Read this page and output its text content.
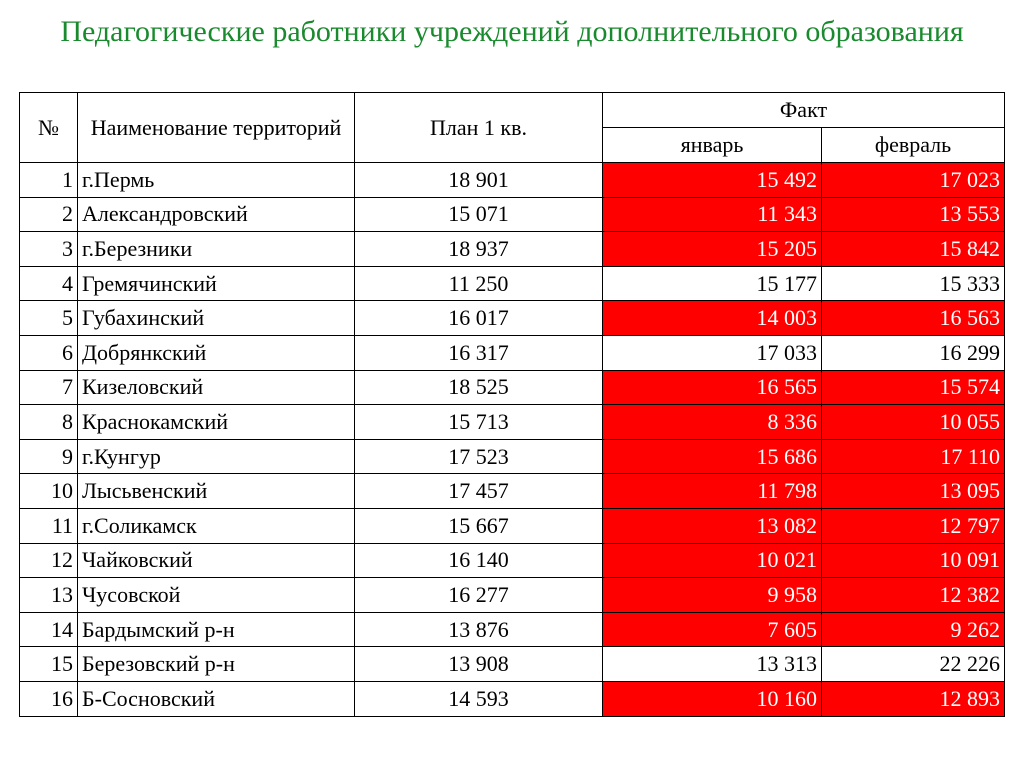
Педагогические работники учреждений дополнительного образования
№	Наименование территорий	План 1 кв.	Факт	
			январь	февраль
1	г.Пермь	18 901	15 492	17 023
2	Александровский	15 071	11 343	13 553
3	г.Березники	18 937	15 205	15 842
4	Гремячинский	11 250	15 177	15 333
5	Губахинский	16 017	14 003	16 563
6	Добрянкский	16 317	17 033	16 299
7	Кизеловский	18 525	16 565	15 574
8	Краснокамский	15 713	8 336	10 055
9	г.Кунгур	17 523	15 686	17 110
10	Лысьвенский	17 457	11 798	13 095
11	г.Соликамск	15 667	13 082	12 797
12	Чайковский	16 140	10 021	10 091
13	Чусовской	16 277	9 958	12 382
14	Бардымский р-н	13 876	7 605	9 262
15	Березовский р-н	13 908	13 313	22 226
16	Б-Сосновский	14 593	10 160	12 893
